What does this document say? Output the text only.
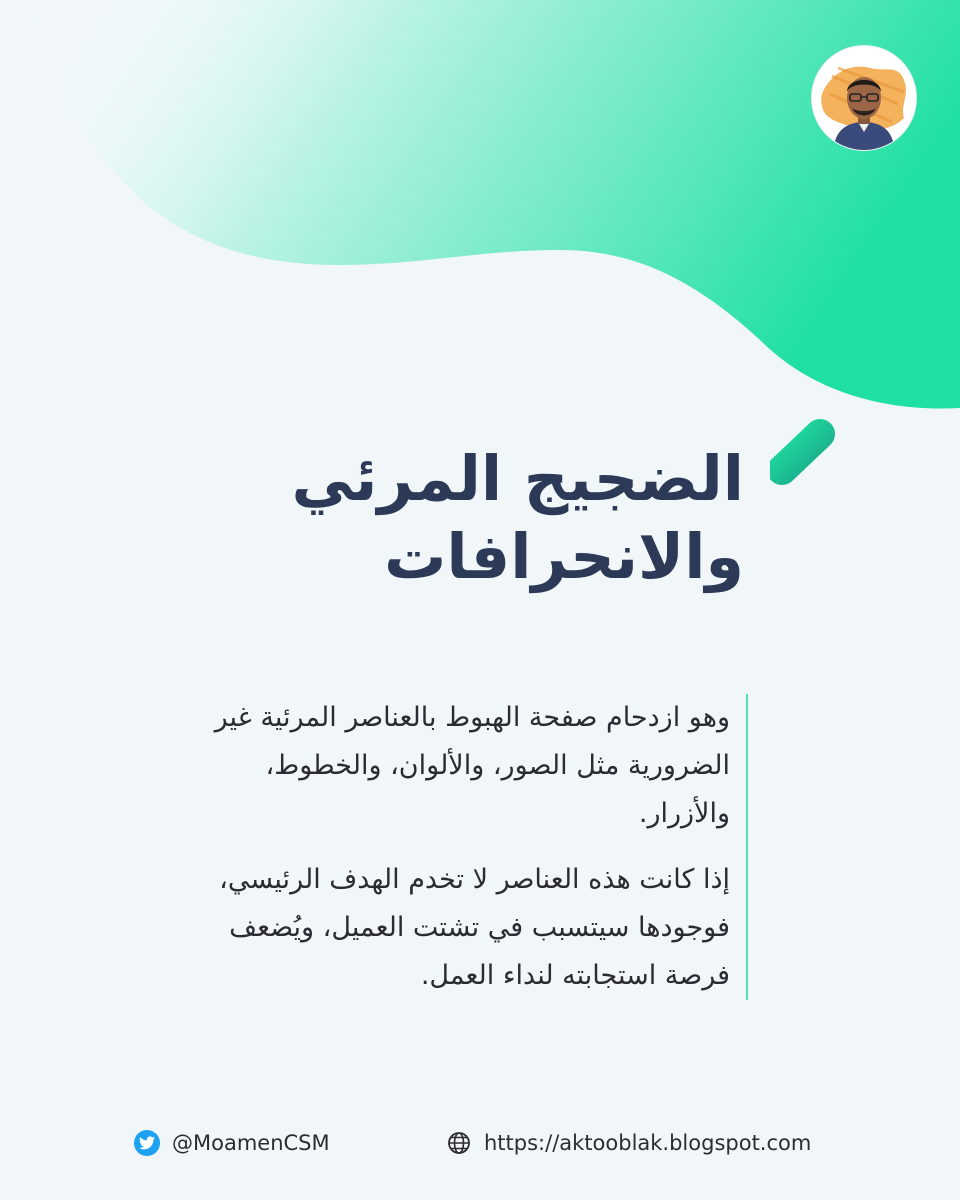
الضجيج المرئي
والانحرافات

وهو ازدحام صفحة الهبوط بالعناصر المرئية غير الضرورية مثل الصور، والألوان، والخطوط، والأزرار.

إذا كانت هذه العناصر لا تخدم الهدف الرئيسي، فوجودها سيتسبب في تشتت العميل، ويُضعف فرصة استجابته لنداء العمل.

@MoamenCSM	https://aktooblak.blogspot.com
